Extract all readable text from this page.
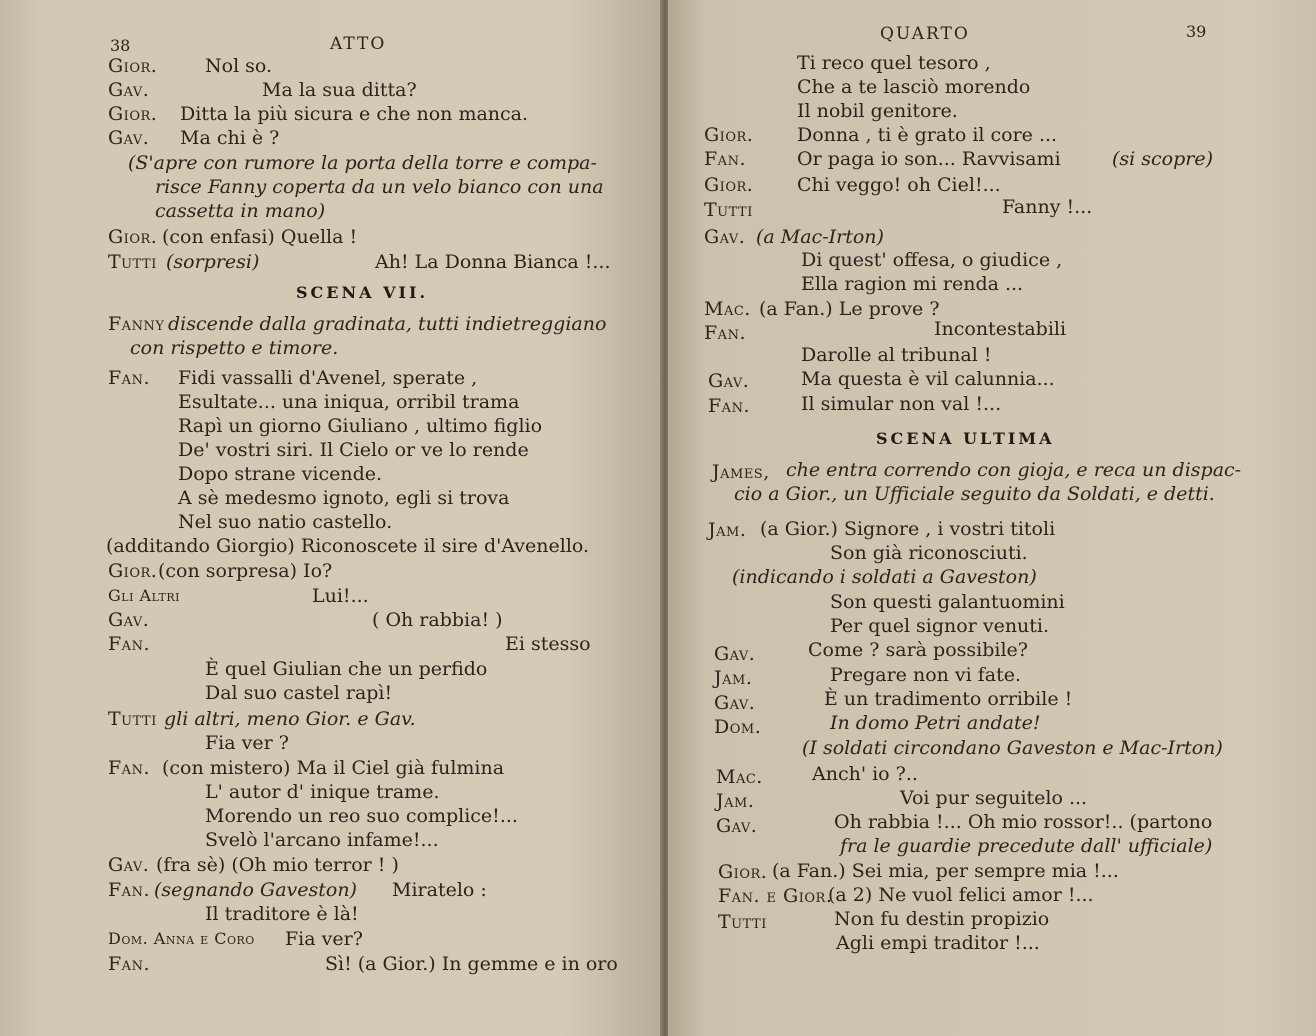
38	ATTO
Gior.	Nol so.
Gav.	Ma la sua ditta?
Gior. Ditta la più sicura e che non manca.
Gav. Ma chi è ?
(S'apre con rumore la porta della torre e compa-
risce Fanny coperta da un velo bianco con una
cassetta in mano)
Gior. (con enfasi) Quella !
Tutti (sorpresi)	Ah! La Donna Bianca !...
SCENA VII.
Fanny discende dalla gradinata, tutti indietreggiano
con rispetto e timore.
Fan. Fidi vassalli d'Avenel, sperate ,
Esultate... una iniqua, orribil trama
Rapì un giorno Giuliano , ultimo figlio
De' vostri siri. Il Cielo or ve lo rende
Dopo strane vicende.
A sè medesmo ignoto, egli si trova
Nel suo natio castello.
(additando Giorgio) Riconoscete il sire d'Avenello.
Gior. (con sorpresa) Io?
Gli Altri	Lui!...
Gav.	( Oh rabbia! )
Fan.	Ei stesso
È quel Giulian che un perfido
Dal suo castel rapì!
Tutti gli altri, meno Gior. e Gav.
Fia ver ?
Fan. (con mistero) Ma il Ciel già fulmina
L' autor d' inique trame.
Morendo un reo suo complice!...
Svelò l'arcano infame!...
Gav. (fra sè) (Oh mio terror ! )
Fan. (segnando Gaveston) Miratelo :
Il traditore è là!
Dom. Anna e Coro Fia ver?
Fan.	Sì! (a Gior.) In gemme e in oro
QUARTO	39
Ti reco quel tesoro ,
Che a te lasciò morendo
Il nobil genitore.
Gior. Donna , ti è grato il core ...
Fan.	Or paga io son... Ravvisami	(si scopre)
Gior. Chi veggo! oh Ciel!...
Tutti	Fanny !...
Gav. (a Mac-Irton)
Di quest' offesa, o giudice ,
Ella ragion mi renda ...
Mac. (a Fan.) Le prove ?
Fan.	Incontestabili
Darolle al tribunal !
Gav.	Ma questa è vil calunnia...
Fan.	Il simular non val !...
SCENA ULTIMA
James, che entra correndo con gioja, e reca un dispac-
cio a Gior., un Ufficiale seguito da Soldati, e detti.
Jam. (a Gior.) Signore , i vostri titoli
Son già riconosciuti.
(indicando i soldati a Gaveston)
Son questi galantuomini
Per quel signor venuti.
Gav.	Come ? sarà possibile?
Jam.	Pregare non vi fate.
Gav.	È un tradimento orribile !
Dom.	In domo Petri andate!
(I soldati circondano Gaveston e Mac-Irton)
Mac.	Anch' io ?..
Jam.	Voi pur seguitelo ...
Gav.	Oh rabbia !... Oh mio rossor!.. (partono
fra le guardie precedute dall' ufficiale)
Gior. (a Fan.) Sei mia, per sempre mia !...
Fan. e Gior.
(a 2) Ne vuol felici amor !...
Tutti	Non fu destin propizio
Agli empi traditor !...
